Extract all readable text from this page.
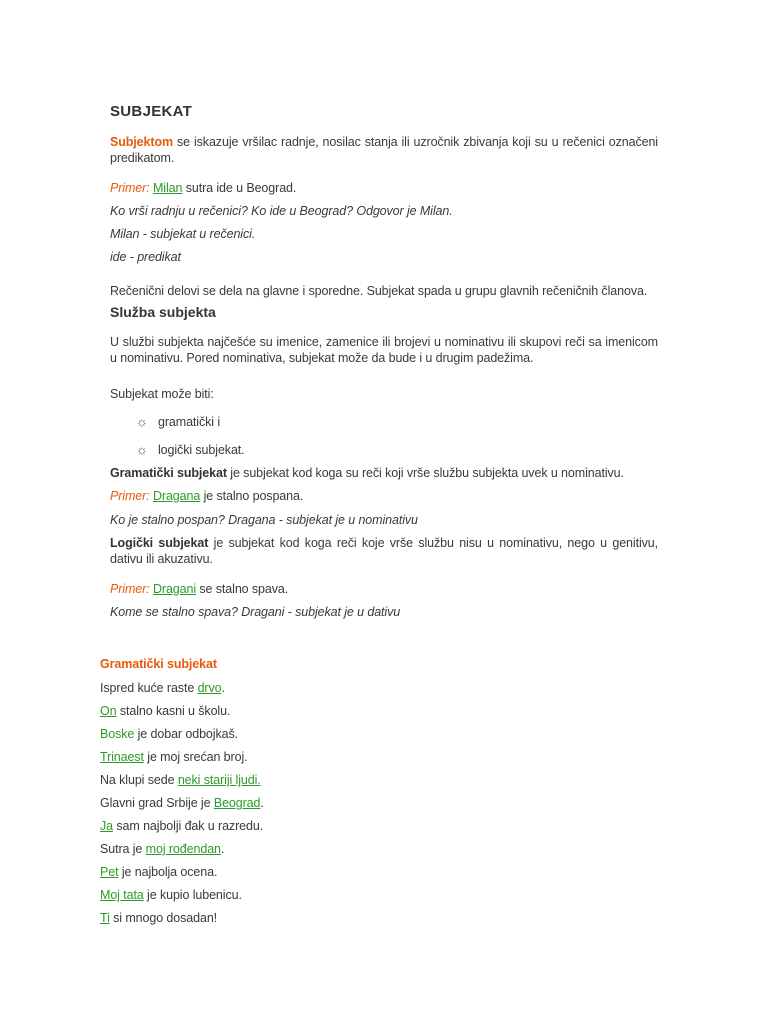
SUBJEKAT
Subjektom se iskazuje vršilac radnje, nosilac stanja ili uzročnik zbivanja koji su u rečenici označeni predikatom.
Primer: Milan sutra ide u Beograd.
Ko vrši radnju u rečenici? Ko ide u Beograd? Odgovor je Milan.
Milan - subjekat u rečenici.
ide - predikat
Rečenični delovi se dela na glavne i sporedne. Subjekat spada u grupu glavnih rečeničnih članova.
Služba subjekta
U službi subjekta najčešće su imenice, zamenice ili brojevi u nominativu ili skupovi reči sa imenicom u nominativu. Pored nominativa, subjekat može da bude i u drugim padežima.
Subjekat može biti:
☼ gramatički i
☼ logički subjekat.
Gramatički subjekat je subjekat kod koga su reči koji vrše službu subjekta uvek u nominativu.
Primer: Dragana je stalno pospana.
Ko je stalno pospan? Dragana - subjekat je u nominativu
Logički subjekat je subjekat kod koga reči koje vrše službu nisu u nominativu, nego u genitivu, dativu ili akuzativu.
Primer: Dragani se stalno spava.
Kome se stalno spava? Dragani - subjekat je u dativu
Gramatički subjekat
Ispred kuće raste drvo.
On stalno kasni u školu.
Boske je dobar odbojkaš.
Trinaest je moj srećan broj.
Na klupi sede neki stariji ljudi.
Glavni grad Srbije je Beograd.
Ja sam najbolji đak u razredu.
Sutra je moj rođendan.
Pet je najbolja ocena.
Moj tata je kupio lubenicu.
Ti si mnogo dosadan!
